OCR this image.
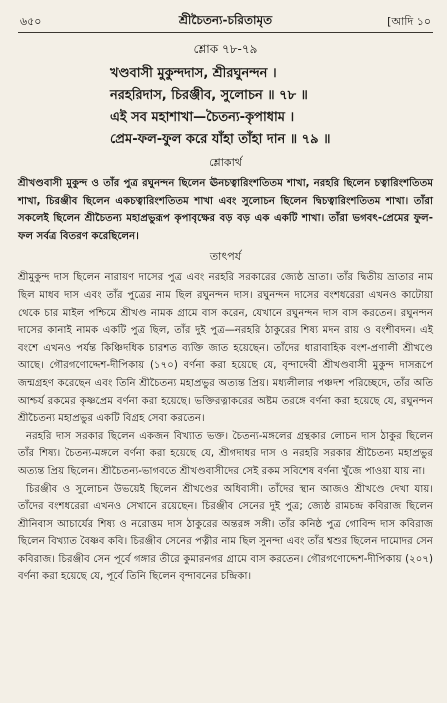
৬৫০	শ্রীচৈতন্য-চরিতামৃত	[আদি ১০
শ্লোক ৭৮-৭৯
খণ্ডবাসী মুকুন্দদাস, শ্রীরঘুনন্দন ।
নরহরিদাস, চিরঞ্জীব, সুলোচন ॥ ৭৮ ॥
এই সব মহাশাখা—চৈতন্য-কৃপাধাম ।
প্রেম-ফল-ফুল করে যাঁহা তাঁহা দান ॥ ৭৯ ॥
শ্লোকার্থ

শ্রীখণ্ডবাসী মুকুন্দ ও তাঁর পুত্র রঘুনন্দন ছিলেন ঊনচত্বারিংশতিতম শাখা, নরহরি ছিলেন চত্বারিংশতিতম শাখা, চিরঞ্জীব ছিলেন একচত্বারিংশতিতম শাখা এবং সুলোচন ছিলেন দ্বিচত্বারিংশতিতম শাখা। তাঁরা সকলেই ছিলেন শ্রীচৈতন্য মহাপ্রভুরূপ কৃপাবৃক্ষের বড় বড় এক একটি শাখা। তাঁরা ভগবৎ-প্রেমের ফুল-ফল সর্বত্র বিতরণ করেছিলেন।

তাৎপর্য

শ্রীমুকুন্দ দাস ছিলেন নারায়ণ দাসের পুত্র এবং নরহরি সরকারের জ্যেষ্ঠ ভ্রাতা। তাঁর দ্বিতীয় ভ্রাতার নাম ছিল মাধব দাস এবং তাঁর পুত্রের নাম ছিল রঘুনন্দন দাস। রঘুনন্দন দাসের বংশধরেরা এখনও কাটোয়া থেকে চার মাইল পশ্চিমে শ্রীখণ্ড নামক গ্রামে বাস করেন, যেখানে রঘুনন্দন দাস বাস করতেন। রঘুনন্দন দাসের কানাই নামক একটি পুত্র ছিল, তাঁর দুই পুত্র—নরহরি ঠাকুরের শিষ্য মদন রায় ও বংশীবদন। এই বংশে এখনও পর্যন্ত কিঞ্চিদধিক চারশত ব্যক্তি জাত হয়েছেন। তাঁদের ধারাবাহিক বংশ-প্রণালী শ্রীখণ্ডে আছে। গৌরগণোদ্দেশ-দীপিকায় (১৭০) বর্ণনা করা হয়েছে যে, বৃন্দাদেবী শ্রীখণ্ডবাসী মুকুন্দ দাসরূপে জন্মগ্রহণ করেছেন এবং তিনি শ্রীচৈতন্য মহাপ্রভুর অত্যন্ত প্রিয়। মধ্যলীলার পঞ্চদশ পরিচ্ছেদে, তাঁর অতি আশ্চর্য রকমের কৃষ্ণপ্রেম বর্ণনা করা হয়েছে। ভক্তিরত্নাকরের অষ্টম তরঙ্গে বর্ণনা করা হয়েছে যে, রঘুনন্দন শ্রীচৈতন্য মহাপ্রভুর একটি বিগ্রহ সেবা করতেন।

নরহরি দাস সরকার ছিলেন একজন বিখ্যাত ভক্ত। চৈতন্য-মঙ্গলের গ্রন্থকার লোচন দাস ঠাকুর ছিলেন তাঁর শিষ্য। চৈতন্য-মঙ্গলে বর্ণনা করা হয়েছে যে, শ্রীগদাধর দাস ও নরহরি সরকার শ্রীচৈতন্য মহাপ্রভুর অত্যন্ত প্রিয় ছিলেন। শ্রীচৈতন্য-ভাগবতে শ্রীখণ্ডবাসীদের সেই রকম সবিশেষ বর্ণনা খুঁজে পাওয়া যায় না।

চিরঞ্জীব ও সুলোচন উভয়েই ছিলেন শ্রীখণ্ডের অধিবাসী। তাঁদের স্থান আজও শ্রীখণ্ডে দেখা যায়। তাঁদের বংশধরেরা এখনও সেখানে রয়েছেন। চিরঞ্জীব সেনের দুই পুত্র; জ্যেষ্ঠ রামচন্দ্র কবিরাজ ছিলেন শ্রীনিবাস আচার্যের শিষ্য ও নরোত্তম দাস ঠাকুরের অন্তরঙ্গ সঙ্গী। তাঁর কনিষ্ঠ পুত্র গোবিন্দ দাস কবিরাজ ছিলেন বিখ্যাত বৈষ্ণব কবি। চিরঞ্জীব সেনের পত্নীর নাম ছিল সুনন্দা এবং তাঁর শ্বশুর ছিলেন দামোদর সেন কবিরাজ। চিরঞ্জীব সেন পূর্বে গঙ্গার তীরে কুমারনগর গ্রামে বাস করতেন। গৌরগণোদ্দেশ-দীপিকায় (২০৭) বর্ণনা করা হয়েছে যে, পূর্বে তিনি ছিলেন বৃন্দাবনের চন্দ্রিকা।
